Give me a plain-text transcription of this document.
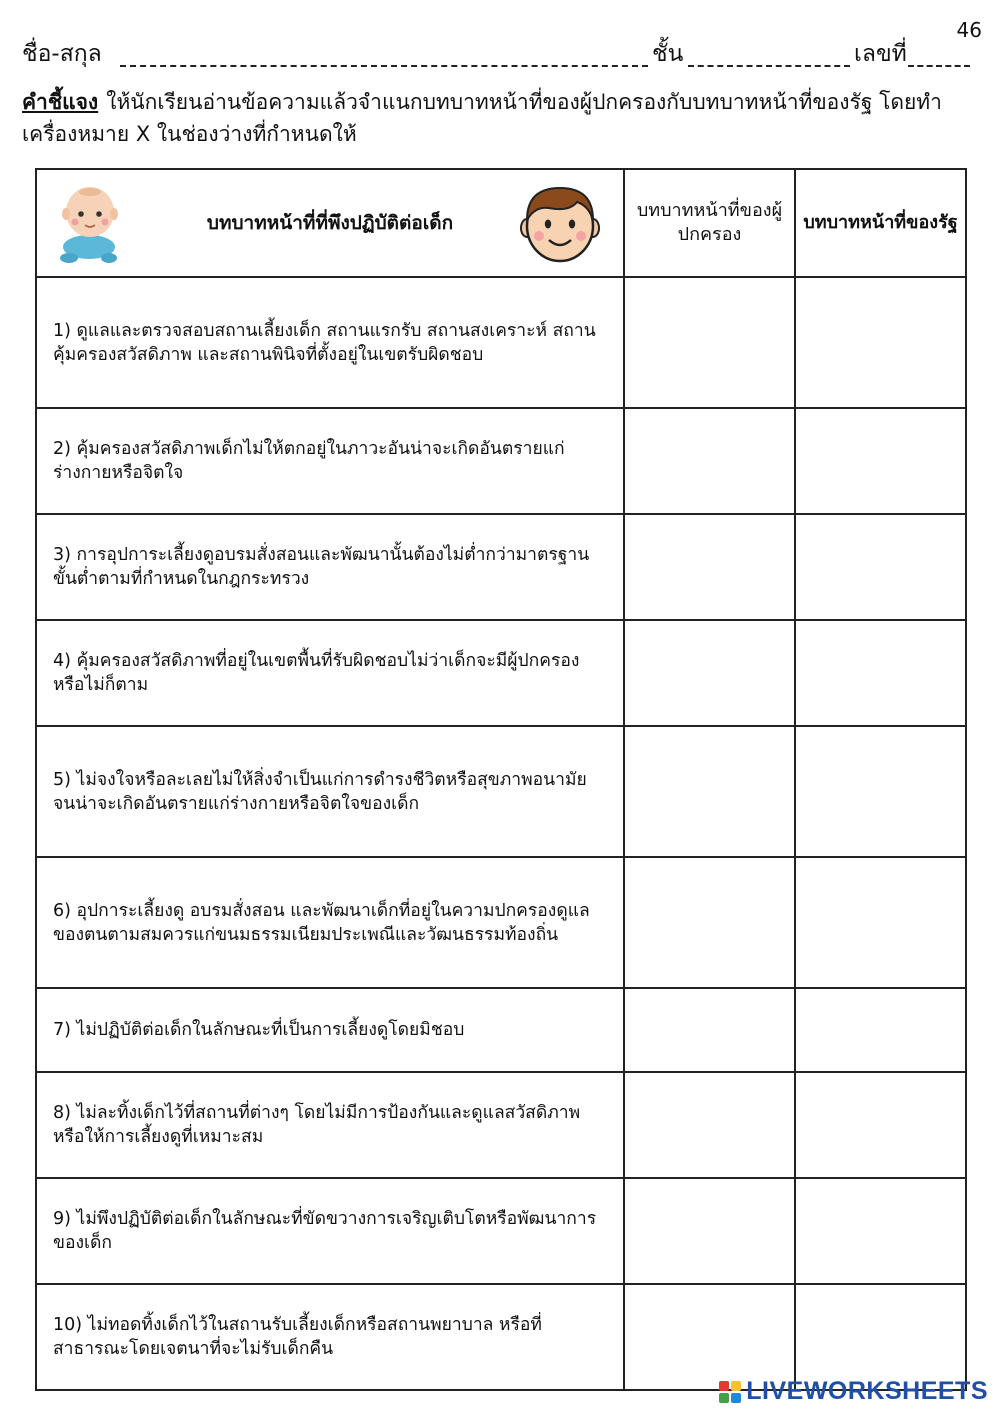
46
ชื่อ-สกุล	ชั้น	เลขที่
คำชี้แจง ให้นักเรียนอ่านข้อความแล้วจำแนกบทบาทหน้าที่ของผู้ปกครองกับบทบาทหน้าที่ของรัฐ โดยทำเครื่องหมาย X ในช่องว่างที่กำหนดให้
บทบาทหน้าที่ที่พึงปฏิบัติต่อเด็ก	บทบาทหน้าที่ของผู้ปกครอง	บทบาทหน้าที่ของรัฐ
1) ดูแลและตรวจสอบสถานเลี้ยงเด็ก สถานแรกรับ สถานสงเคราะห์ สถานคุ้มครองสวัสดิภาพ และสถานพินิจที่ตั้งอยู่ในเขตรับผิดชอบ		
2) คุ้มครองสวัสดิภาพเด็กไม่ให้ตกอยู่ในภาวะอันน่าจะเกิดอันตรายแก่ร่างกายหรือจิตใจ		
3) การอุปการะเลี้ยงดูอบรมสั่งสอนและพัฒนานั้นต้องไม่ต่ำกว่ามาตรฐานขั้นต่ำตามที่กำหนดในกฎกระทรวง		
4) คุ้มครองสวัสดิภาพที่อยู่ในเขตพื้นที่รับผิดชอบไม่ว่าเด็กจะมีผู้ปกครองหรือไม่ก็ตาม		
5) ไม่จงใจหรือละเลยไม่ให้สิ่งจำเป็นแก่การดำรงชีวิตหรือสุขภาพอนามัย จนน่าจะเกิดอันตรายแก่ร่างกายหรือจิตใจของเด็ก		
6) อุปการะเลี้ยงดู อบรมสั่งสอน และพัฒนาเด็กที่อยู่ในความปกครองดูแลของตนตามสมควรแก่ขนมธรรมเนียมประเพณีและวัฒนธรรมท้องถิ่น		
7) ไม่ปฏิบัติต่อเด็กในลักษณะที่เป็นการเลี้ยงดูโดยมิชอบ		
8) ไม่ละทิ้งเด็กไว้ที่สถานที่ต่างๆ โดยไม่มีการป้องกันและดูแลสวัสดิภาพหรือให้การเลี้ยงดูที่เหมาะสม		
9) ไม่พึงปฏิบัติต่อเด็กในลักษณะที่ขัดขวางการเจริญเติบโตหรือพัฒนาการของเด็ก		
10) ไม่ทอดทิ้งเด็กไว้ในสถานรับเลี้ยงเด็กหรือสถานพยาบาล หรือที่สาธารณะโดยเจตนาที่จะไม่รับเด็กคืน		
LIVEWORKSHEETS
